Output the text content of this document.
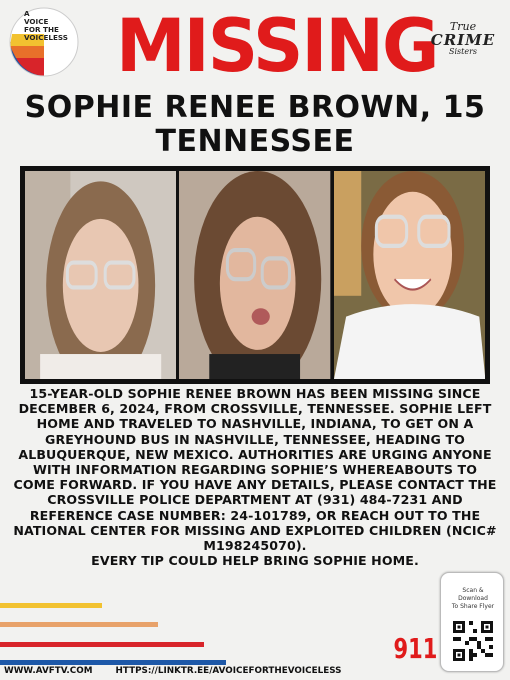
A
VOICE
FOR THE
VOICELESS MISSING	True
CRIME
Sisters
SOPHIE RENEE BROWN, 15
TENNESSEE
15-YEAR-OLD SOPHIE RENEE BROWN HAS BEEN MISSING SINCE DECEMBER 6, 2024, FROM CROSSVILLE, TENNESSEE. SOPHIE LEFT HOME AND TRAVELED TO NASHVILLE, INDIANA, TO GET ON A GREYHOUND BUS IN NASHVILLE, TENNESSEE, HEADING TO ALBUQUERQUE, NEW MEXICO. AUTHORITIES ARE URGING ANYONE WITH INFORMATION REGARDING SOPHIE’S WHEREABOUTS TO COME FORWARD. IF YOU HAVE ANY DETAILS, PLEASE CONTACT THE CROSSVILLE POLICE DEPARTMENT AT (931) 484-7231 AND REFERENCE CASE NUMBER: 24-101789, OR REACH OUT TO THE NATIONAL CENTER FOR MISSING AND EXPLOITED CHILDREN (NCIC# M198245070).
EVERY TIP COULD HELP BRING SOPHIE HOME.
911
Scan &
Download
To Share Flyer
WWW.AVFTV.COM	HTTPS://LINKTR.EE/AVOICEFORTHEVOICELESS
